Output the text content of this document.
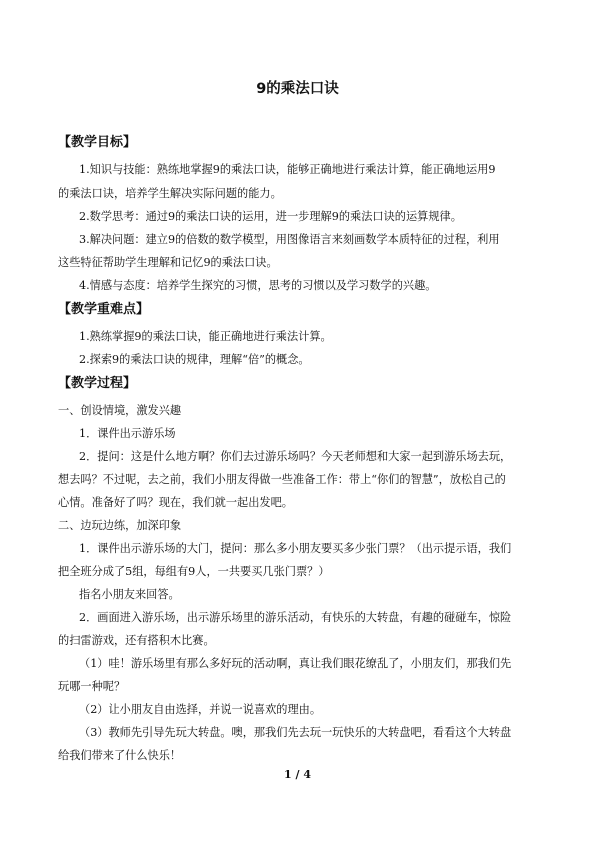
9的乘法口诀
【教学目标】
1.知识与技能：熟练地掌握9的乘法口诀，能够正确地进行乘法计算，能正确地运用9
的乘法口诀，培养学生解决实际问题的能力。
2.数学思考：通过9的乘法口诀的运用，进一步理解9的乘法口诀的运算规律。
3.解决问题：建立9的倍数的数学模型，用图像语言来刻画数学本质特征的过程，利用
这些特征帮助学生理解和记忆9的乘法口诀。
4.情感与态度：培养学生探究的习惯，思考的习惯以及学习数学的兴趣。
【教学重难点】
1.熟练掌握9的乘法口诀，能正确地进行乘法计算。
2.探索9的乘法口诀的规律，理解“倍”的概念。
【教学过程】
一、创设情境，激发兴趣
1．课件出示游乐场
2．提问：这是什么地方啊？你们去过游乐场吗？今天老师想和大家一起到游乐场去玩，
想去吗？不过呢，去之前，我们小朋友得做一些准备工作：带上“你们的智慧”，放松自己的
心情。准备好了吗？现在，我们就一起出发吧。
二、边玩边练，加深印象
1．课件出示游乐场的大门，提问：那么多小朋友要买多少张门票？（出示提示语，我们
把全班分成了5组，每组有9人，一共要买几张门票？）
指名小朋友来回答。
2．画面进入游乐场，出示游乐场里的游乐活动，有快乐的大转盘，有趣的碰碰车，惊险
的扫雷游戏，还有搭积木比赛。
（1）哇！游乐场里有那么多好玩的活动啊，真让我们眼花缭乱了，小朋友们，那我们先
玩哪一种呢？
（2）让小朋友自由选择，并说一说喜欢的理由。
（3）教师先引导先玩大转盘。噢，那我们先去玩一玩快乐的大转盘吧，看看这个大转盘
给我们带来了什么快乐！
1 / 4
